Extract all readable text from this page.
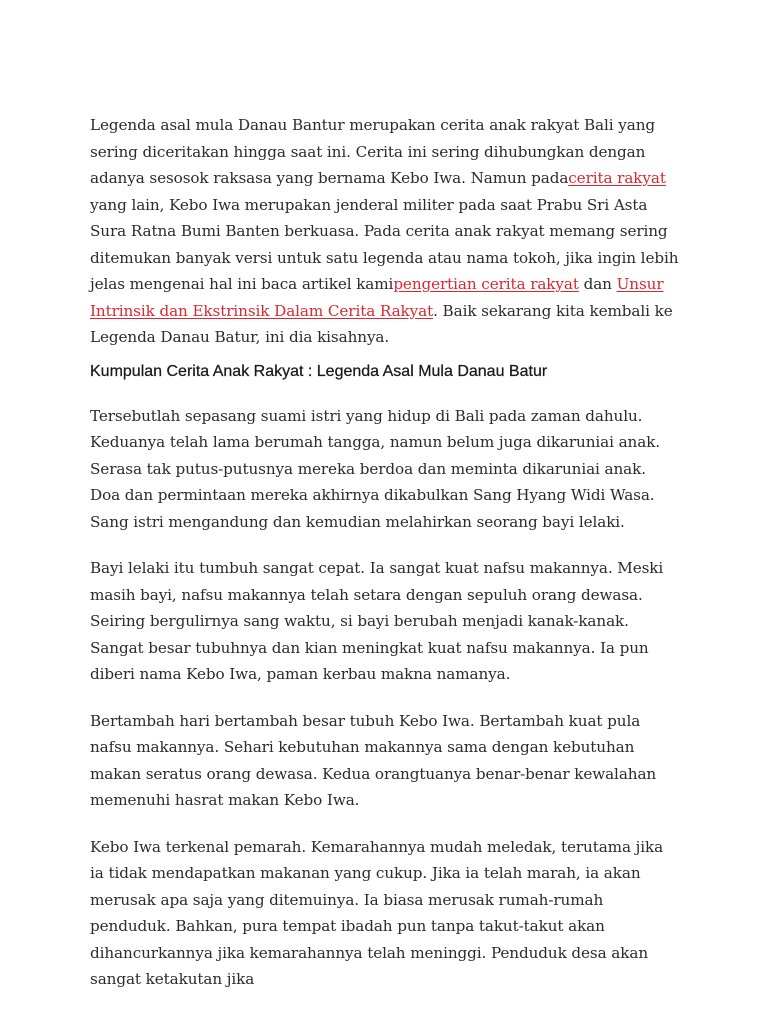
Legenda asal mula Danau Bantur merupakan cerita anak rakyat Bali yang sering diceritakan hingga saat ini. Cerita ini sering dihubungkan dengan adanya sesosok raksasa yang bernama Kebo Iwa. Namun padacerita rakyat yang lain, Kebo Iwa merupakan jenderal militer pada saat Prabu Sri Asta Sura Ratna Bumi Banten berkuasa. Pada cerita anak rakyat memang sering ditemukan banyak versi untuk satu legenda atau nama tokoh, jika ingin lebih jelas mengenai hal ini baca artikel kamipengertian cerita rakyat dan Unsur Intrinsik dan Ekstrinsik Dalam Cerita Rakyat. Baik sekarang kita kembali ke Legenda Danau Batur, ini dia kisahnya.

Kumpulan Cerita Anak Rakyat : Legenda Asal Mula Danau Batur

Tersebutlah sepasang suami istri yang hidup di Bali pada zaman dahulu. Keduanya telah lama berumah tangga, namun belum juga dikaruniai anak. Serasa tak putus-putusnya mereka berdoa dan meminta dikaruniai anak. Doa dan permintaan mereka akhirnya dikabulkan Sang Hyang Widi Wasa. Sang istri mengandung dan kemudian melahirkan seorang bayi lelaki.

Bayi lelaki itu tumbuh sangat cepat. Ia sangat kuat nafsu makannya. Meski masih bayi, nafsu makannya telah setara dengan sepuluh orang dewasa. Seiring bergulirnya sang waktu, si bayi berubah menjadi kanak-kanak. Sangat besar tubuhnya dan kian meningkat kuat nafsu makannya. Ia pun diberi nama Kebo Iwa, paman kerbau makna namanya.

Bertambah hari bertambah besar tubuh Kebo Iwa. Bertambah kuat pula nafsu makannya. Sehari kebutuhan makannya sama dengan kebutuhan makan seratus orang dewasa. Kedua orangtuanya benar-benar kewalahan memenuhi hasrat makan Kebo Iwa.

Kebo Iwa terkenal pemarah. Kemarahannya mudah meledak, terutama jika ia tidak mendapatkan makanan yang cukup. Jika ia telah marah, ia akan merusak apa saja yang ditemuinya. Ia biasa merusak rumah-rumah penduduk. Bahkan, pura tempat ibadah pun tanpa takut-takut akan dihancurkannya jika kemarahannya telah meninggi. Penduduk desa akan sangat ketakutan jika
